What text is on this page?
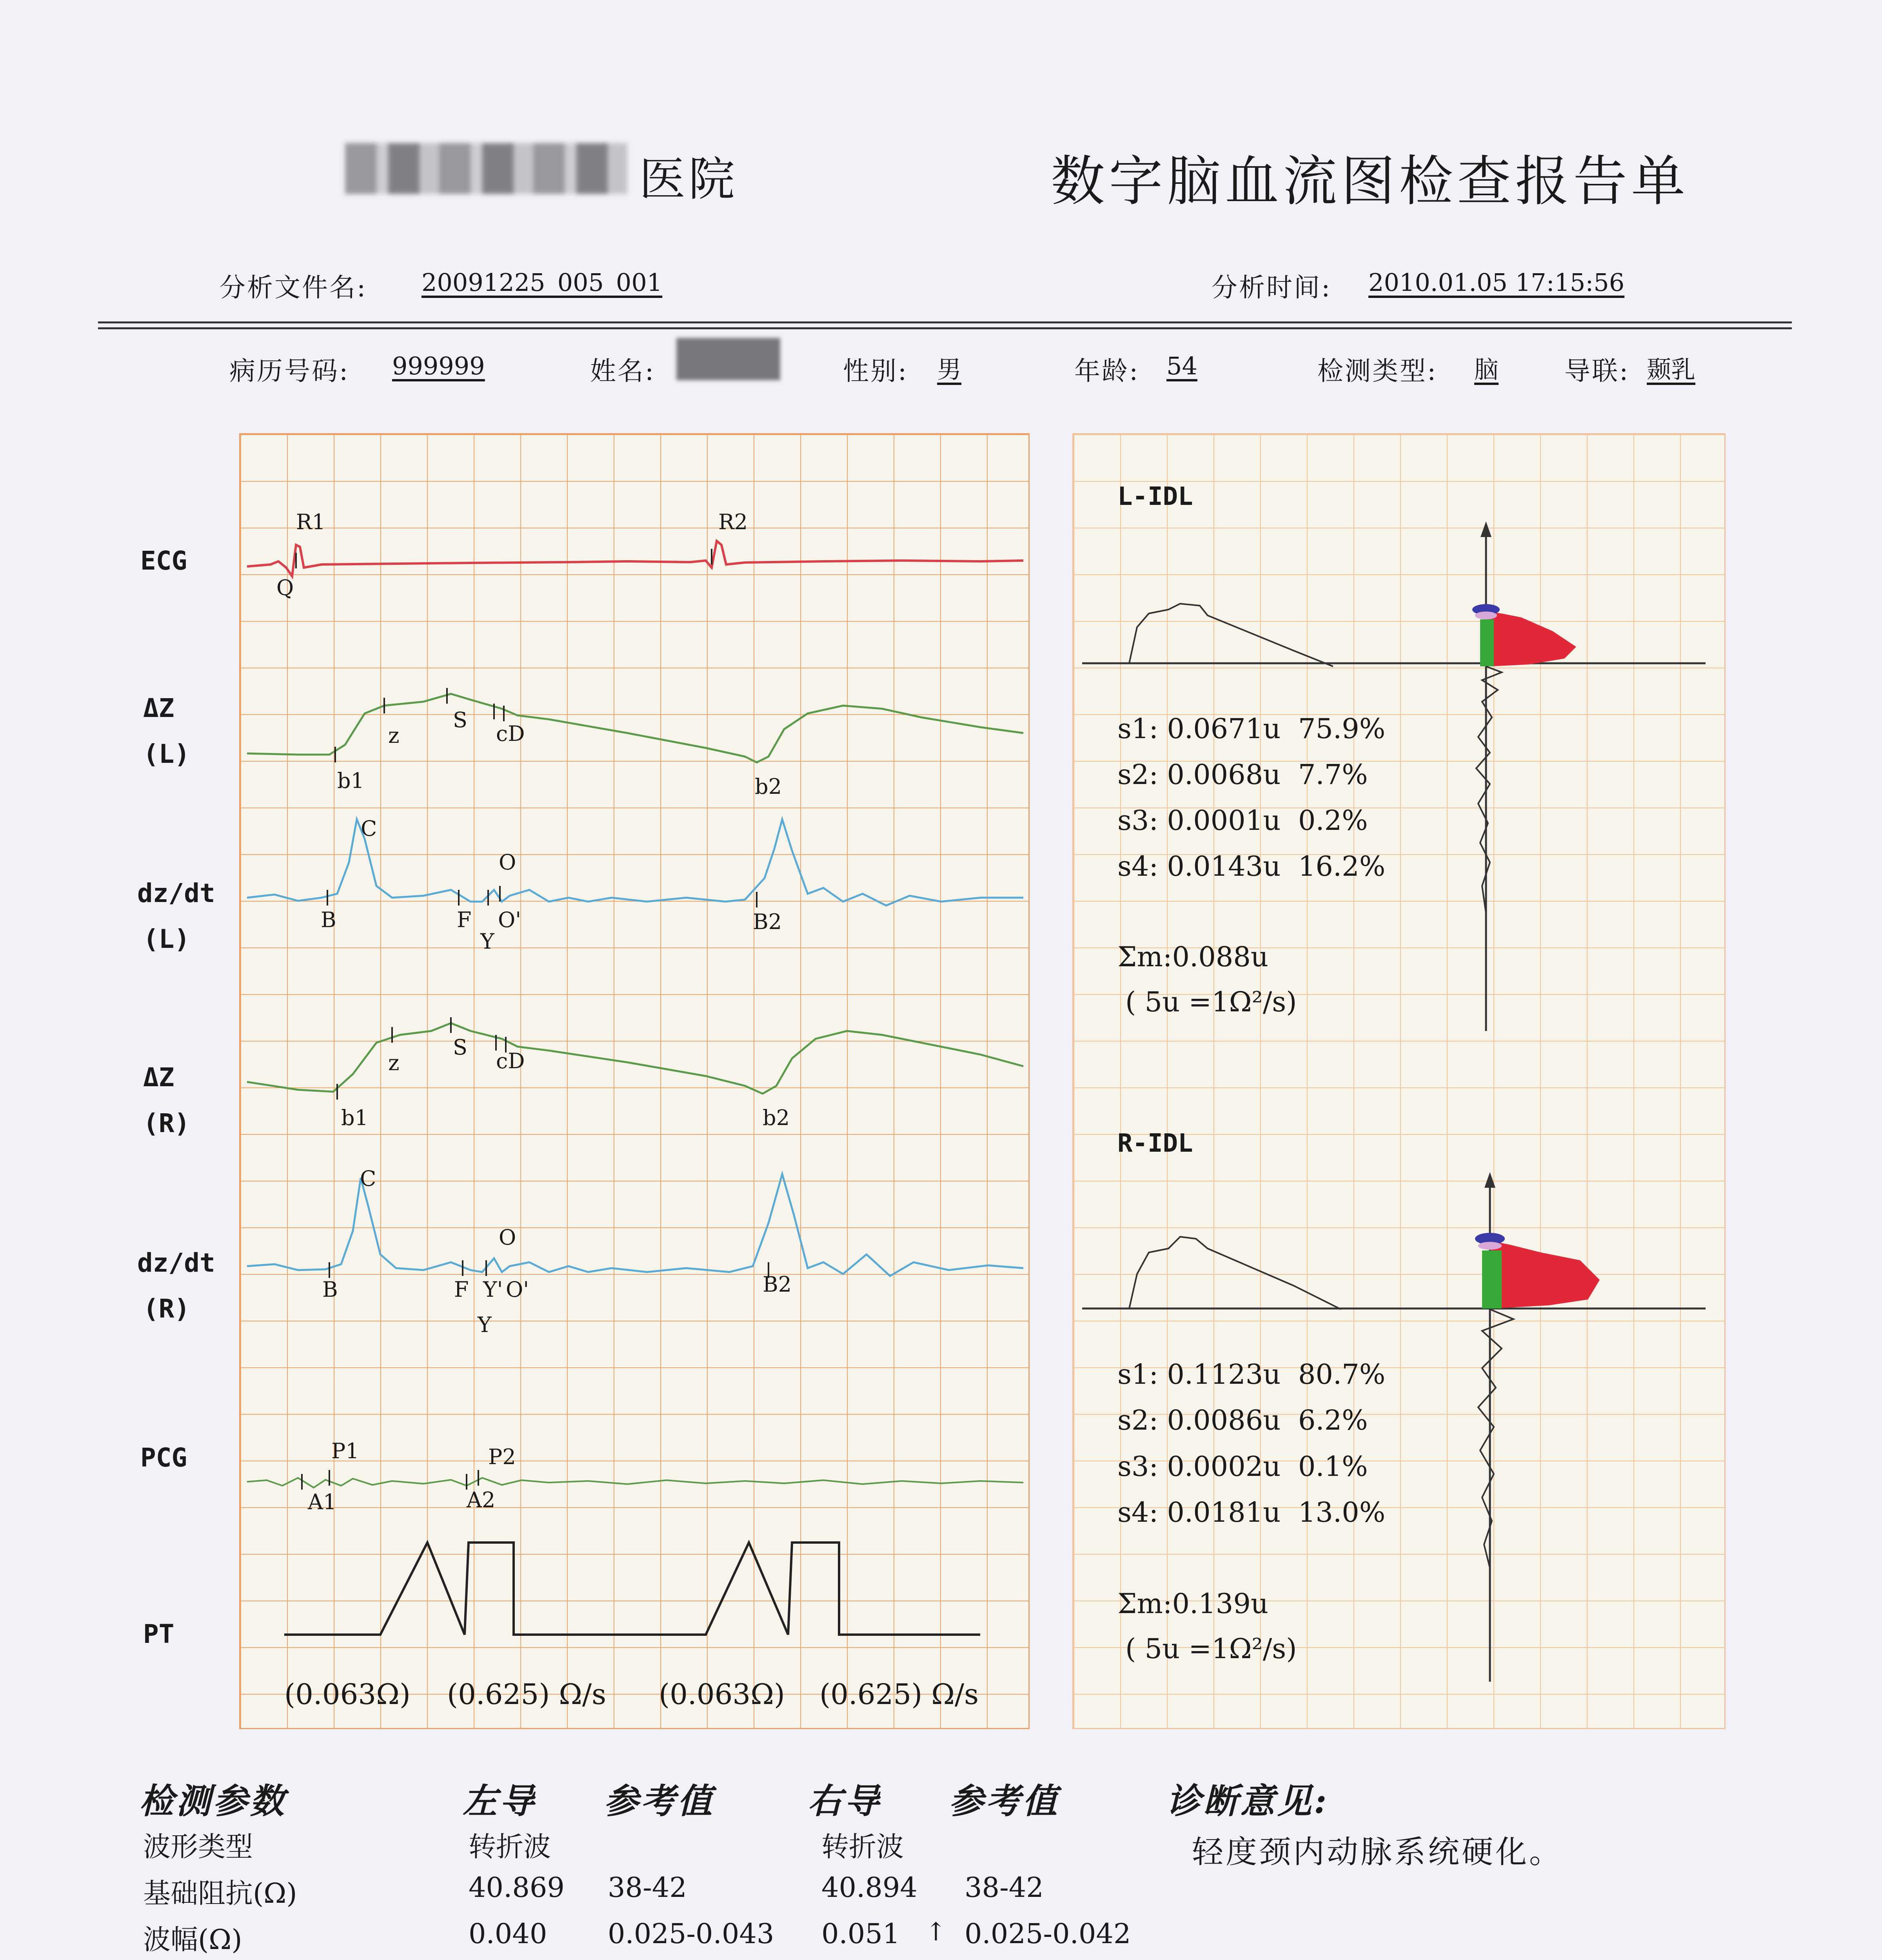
医院	数字脑血流图检查报告单
分析文件名: 20091225_005_001	分析时间: 2010.01.05 17:15:56
病历号码: 999999	姓名:	性别: 男	年龄: 54	检测类型: 脑	导联: 颞乳
ECG
ΔZ
(L)
dz/dt
(L)
ΔZ
(R)
dz/dt
(R)
PCG
PT
R1
Q
R2
z
S
cD
b1	b2
C
O
B	F
Y
O'	B2
z
S
cD
b1	b2
C
O
B	F Y' O'
Y
B2
P1
A1
P2
A2
(0.063Ω) (0.625) Ω/s (0.063Ω) (0.625) Ω/s
L-IDL
s1: 0.0671u 75.9%
s2: 0.0068u 7.7%
s3: 0.0001u 0.2%
s4: 0.0143u 16.2%
Σm:0.088u
( 5u =1Ω²/s)
R-IDL
s1: 0.1123u 80.7%
s2: 0.0086u 6.2%
s3: 0.0002u 0.1%
s4: 0.0181u 13.0%
Σm:0.139u
( 5u =1Ω²/s)
检测参数	左导 参考值	右导 参考值
波形类型	转折波	转折波
基础阻抗(Ω)	40.869 38-42	40.894 38-42
波幅(Ω)	0.040 0.025-0.043 0.051 ↑ 0.025-0.042
诊断意见:
轻度颈内动脉系统硬化。
